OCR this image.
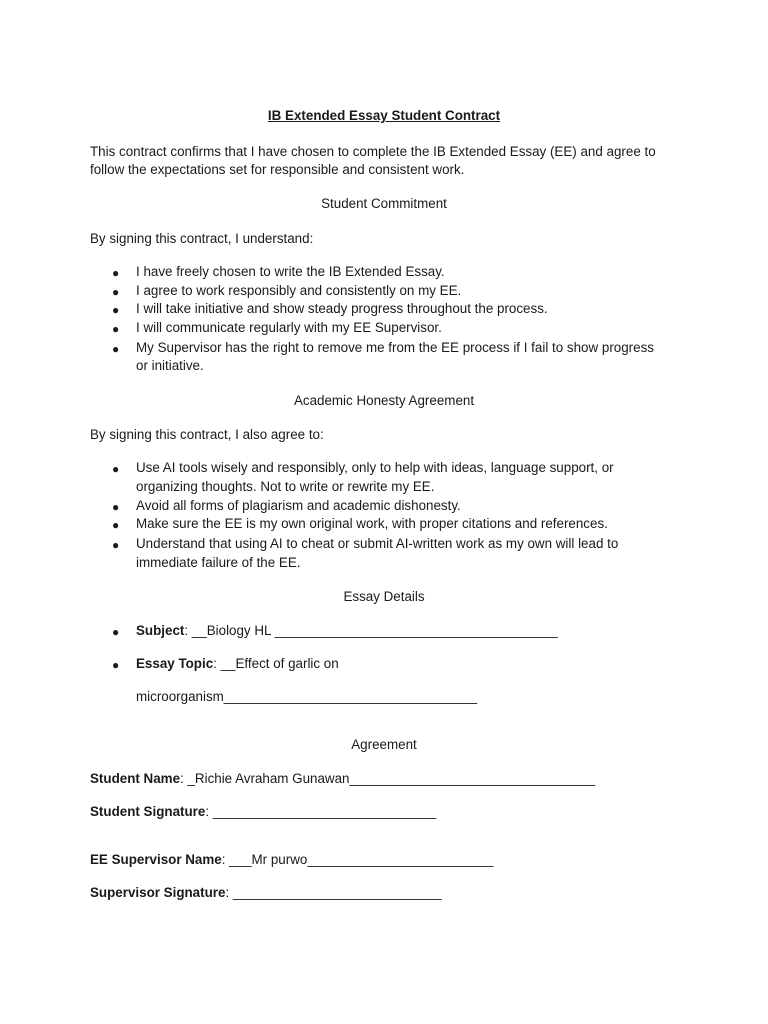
IB Extended Essay Student Contract
This contract confirms that I have chosen to complete the IB Extended Essay (EE) and agree to
follow the expectations set for responsible and consistent work.
Student Commitment
By signing this contract, I understand:
● I have freely chosen to write the IB Extended Essay.
● I agree to work responsibly and consistently on my EE.
● I will take initiative and show steady progress throughout the process.
● I will communicate regularly with my EE Supervisor.
● My Supervisor has the right to remove me from the EE process if I fail to show progress
or initiative.
Academic Honesty Agreement
By signing this contract, I also agree to:
● Use AI tools wisely and responsibly, only to help with ideas, language support, or
organizing thoughts. Not to write or rewrite my EE.
● Avoid all forms of plagiarism and academic dishonesty.
● Make sure the EE is my own original work, with proper citations and references.
● Understand that using AI to cheat or submit AI-written work as my own will lead to
immediate failure of the EE.
Essay Details
● Subject: __Biology HL ______________________________________
● Essay Topic: __Effect of garlic on
microorganism__________________________________
Agreement
Student Name: _Richie Avraham Gunawan_________________________________
Student Signature: ______________________________
EE Supervisor Name: ___Mr purwo_________________________
Supervisor Signature: ____________________________
